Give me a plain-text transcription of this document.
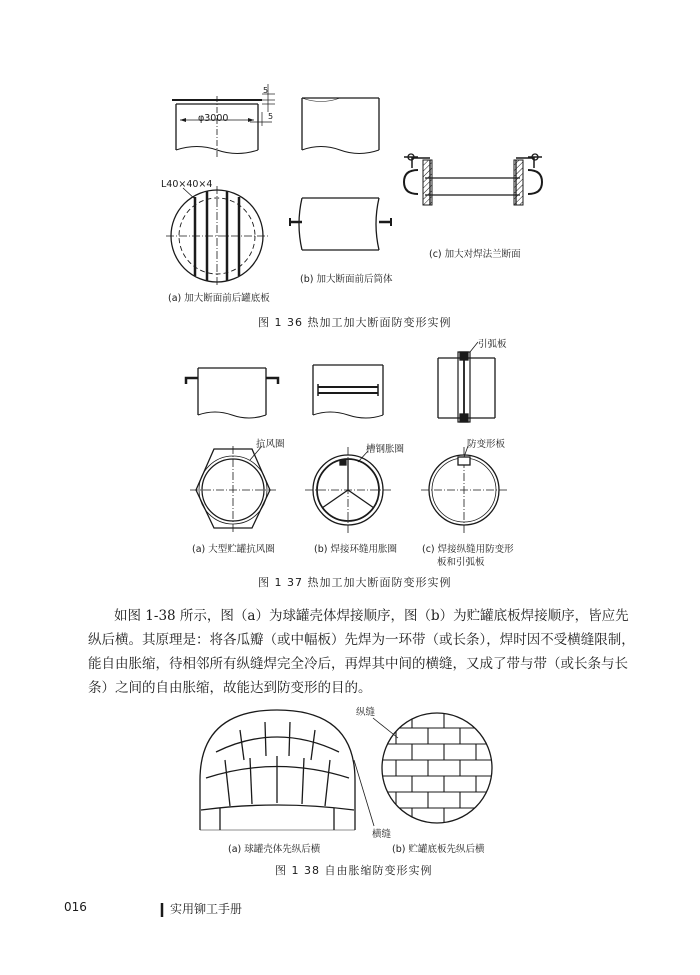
φ3000
5
5
L40×40×4
(a) 加大断面前后罐底板
(b) 加大断面前后筒体
(c) 加大对焊法兰断面
图 1 36 热加工加大断面防变形实例
抗风圈	槽钢胀圈
引弧板
防变形板
(a) 大型贮罐抗风圈	(b) 焊接环缝用胀圈	(c) 焊接纵缝用防变形
板和引弧板
图 1 37 热加工加大断面防变形实例

如图 1-38 所示，图（a）为球罐壳体焊接顺序，图（b）为贮罐底板焊接顺序，皆应先

纵后横。其原理是：将各瓜瓣（或中幅板）先焊为一环带（或长条），焊时因不受横缝限制，

能自由胀缩，待相邻所有纵缝焊完全冷后，再焊其中间的横缝，又成了带与带（或长条与长

条）之间的自由胀缩，故能达到防变形的目的。

纵缝
横缝
(a) 球罐壳体先纵后横	(b) 贮罐底板先纵后横
图 1 38 自由胀缩防变形实例
016	实用铆工手册
